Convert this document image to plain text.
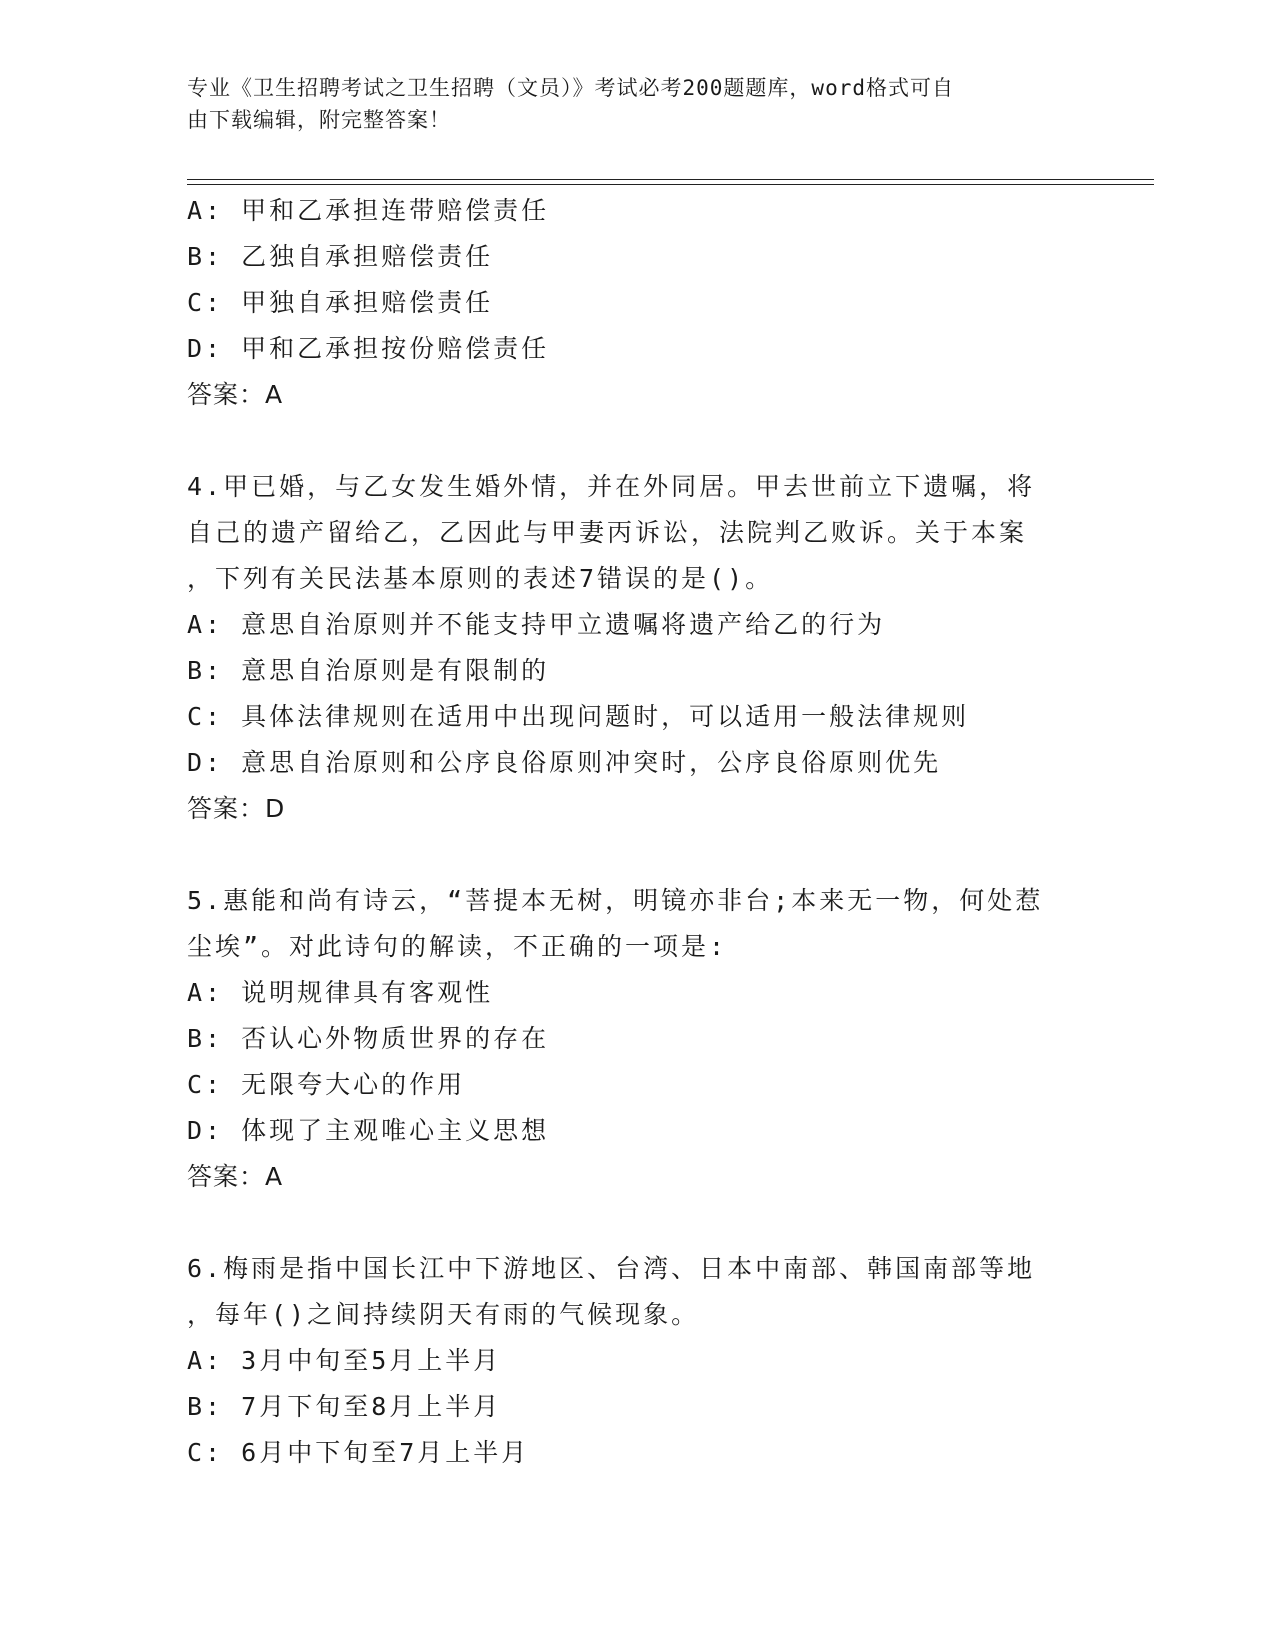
专业《卫生招聘考试之卫生招聘（文员）》考试必考200题题库，word格式可自
由下载编辑，附完整答案！
A: 甲和乙承担连带赔偿责任
B: 乙独自承担赔偿责任
C: 甲独自承担赔偿责任
D: 甲和乙承担按份赔偿责任
答案：A
4.甲已婚，与乙女发生婚外情，并在外同居。甲去世前立下遗嘱，将
自己的遗产留给乙，乙因此与甲妻丙诉讼，法院判乙败诉。关于本案
，下列有关民法基本原则的表述7错误的是()。
A: 意思自治原则并不能支持甲立遗嘱将遗产给乙的行为
B: 意思自治原则是有限制的
C: 具体法律规则在适用中出现问题时，可以适用一般法律规则
D: 意思自治原则和公序良俗原则冲突时，公序良俗原则优先
答案：D
5.惠能和尚有诗云，“菩提本无树，明镜亦非台;本来无一物，何处惹
尘埃”。对此诗句的解读，不正确的一项是:
A: 说明规律具有客观性
B: 否认心外物质世界的存在
C: 无限夸大心的作用
D: 体现了主观唯心主义思想
答案：A
6.梅雨是指中国长江中下游地区、台湾、日本中南部、韩国南部等地
，每年()之间持续阴天有雨的气候现象。
A: 3月中旬至5月上半月
B: 7月下旬至8月上半月
C: 6月中下旬至7月上半月
